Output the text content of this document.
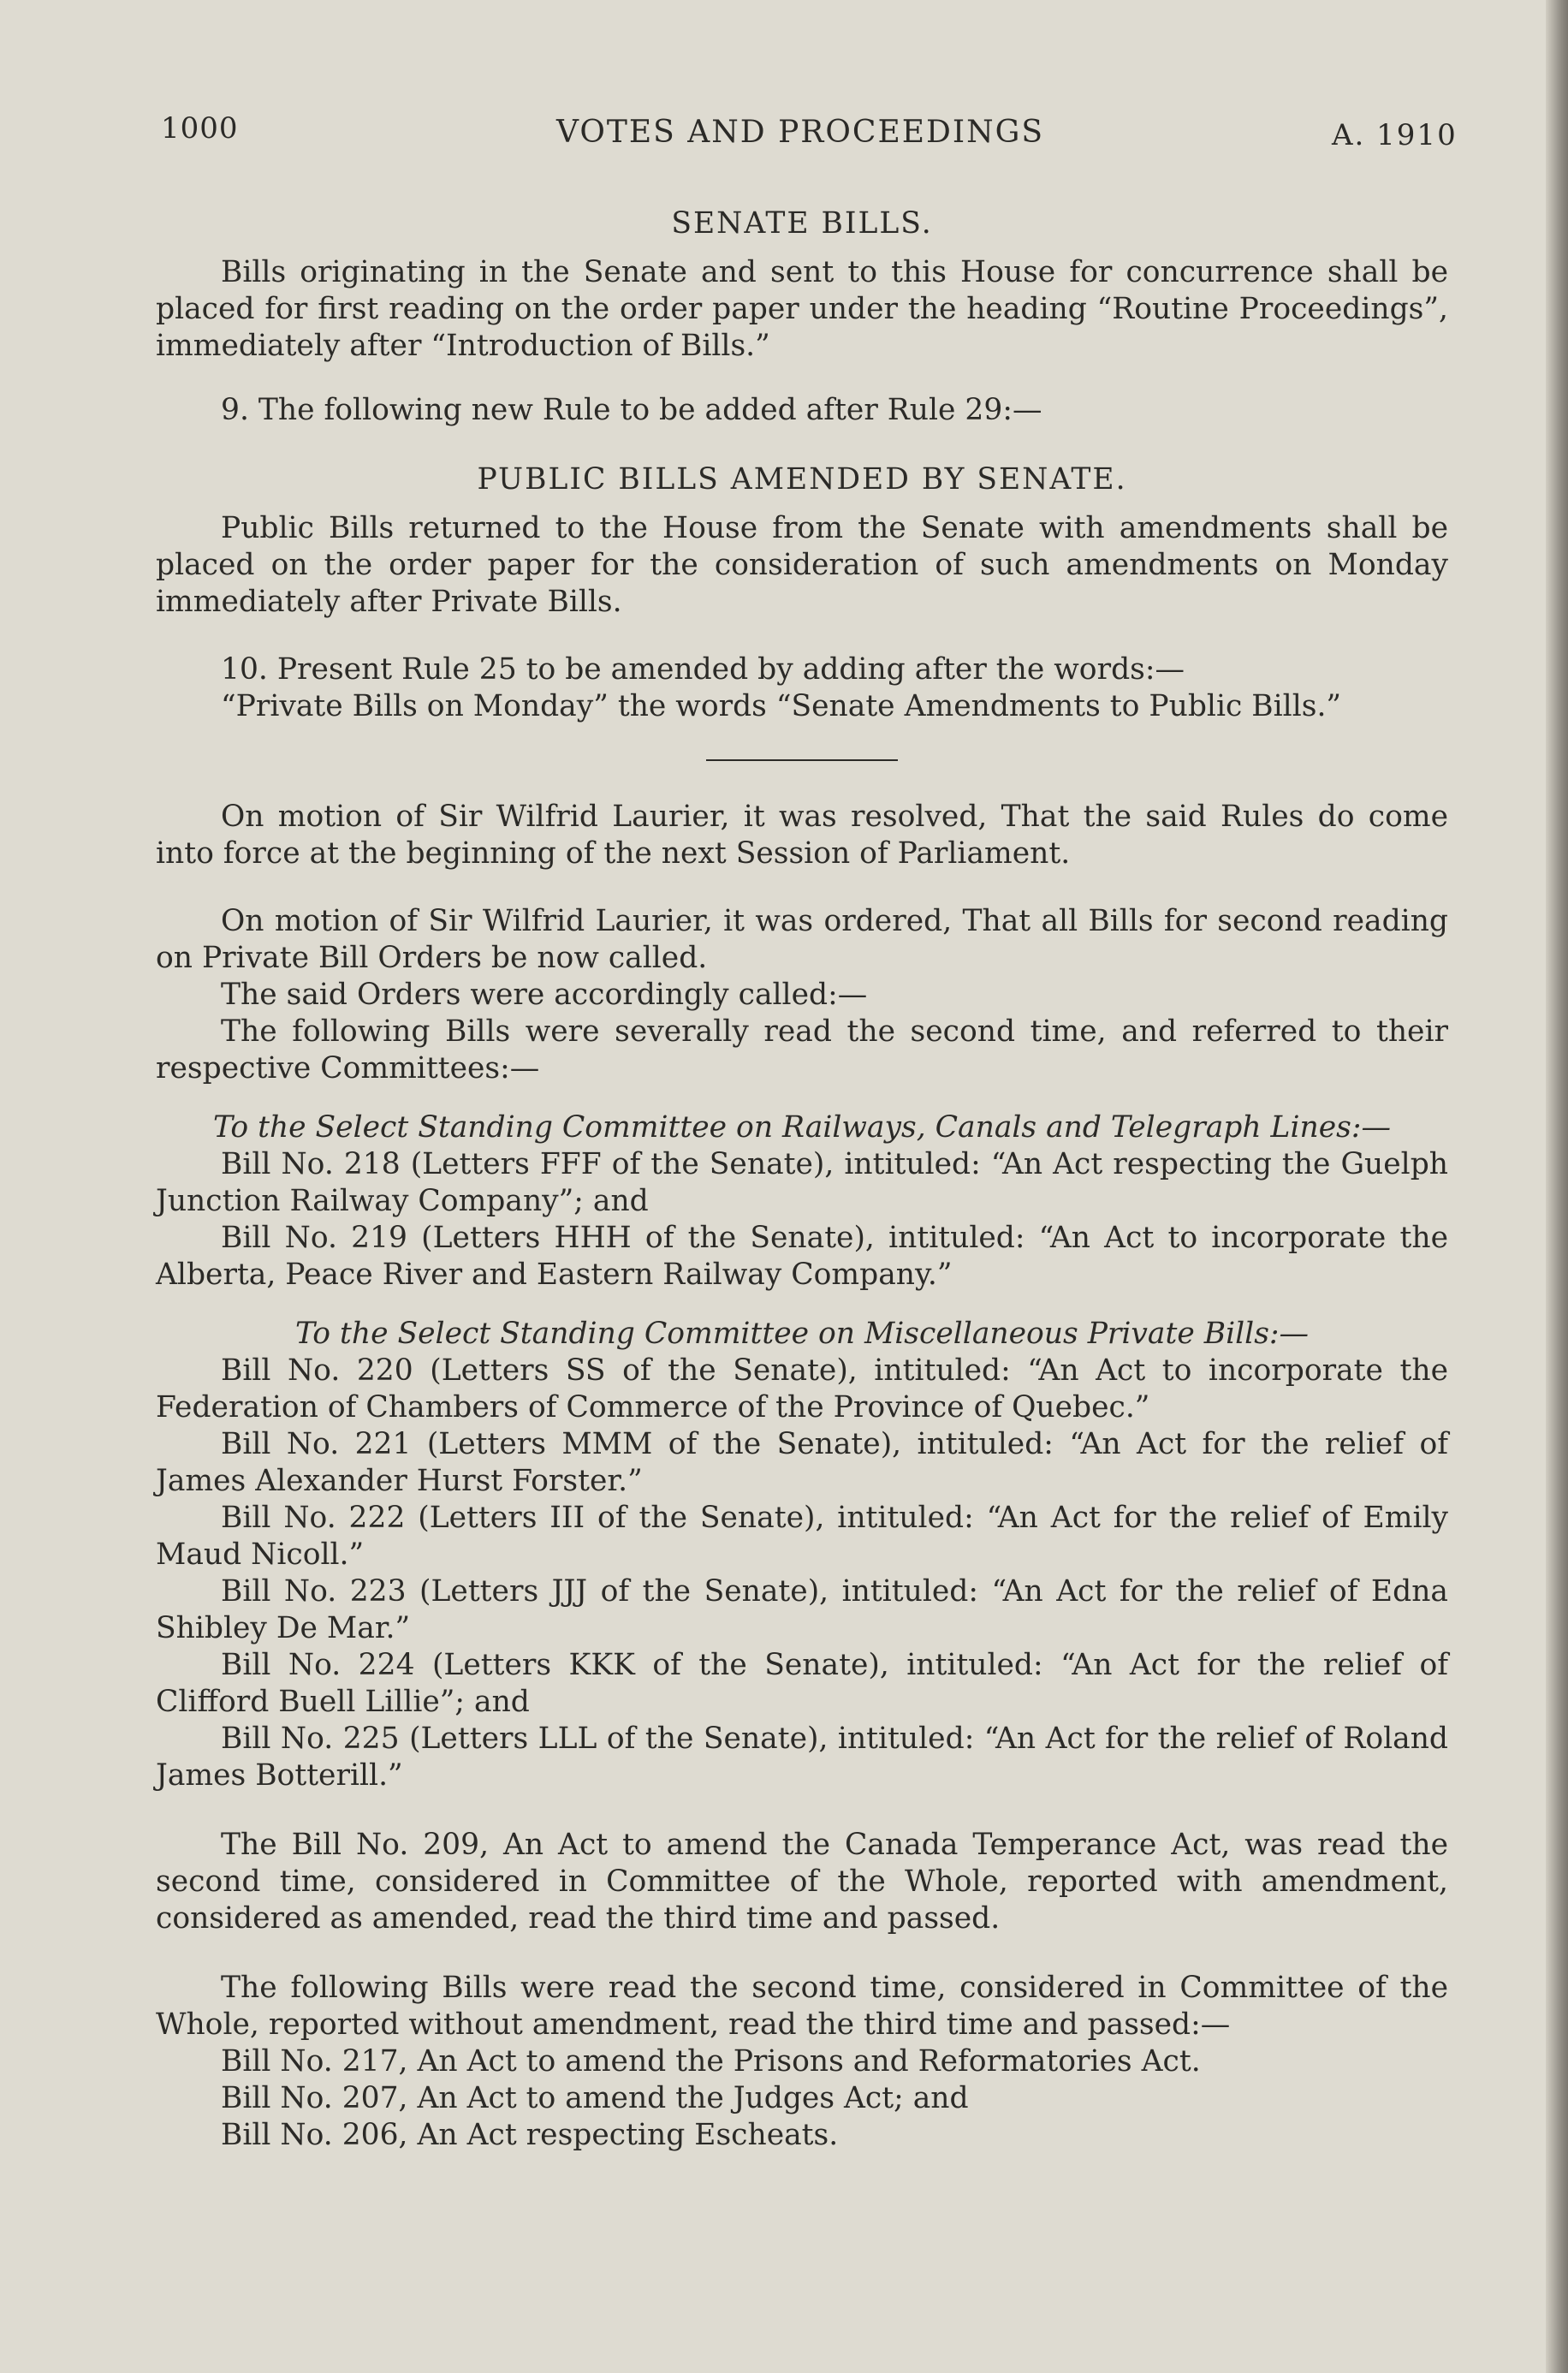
1000	VOTES AND PROCEEDINGS	A. 1910
SENATE BILLS.

Bills originating in the Senate and sent to this House for concurrence shall be placed for first reading on the order paper under the heading “Routine Proceedings”, immediately after “Introduction of Bills.”

9. The following new Rule to be added after Rule 29:—

PUBLIC BILLS AMENDED BY SENATE.

Public Bills returned to the House from the Senate with amendments shall be placed on the order paper for the consideration of such amendments on Monday immediately after Private Bills.

10. Present Rule 25 to be amended by adding after the words:—

“Private Bills on Monday” the words “Senate Amendments to Public Bills.”

On motion of Sir Wilfrid Laurier, it was resolved, That the said Rules do come into force at the beginning of the next Session of Parliament.

On motion of Sir Wilfrid Laurier, it was ordered, That all Bills for second reading on Private Bill Orders be now called.

The said Orders were accordingly called:—

The following Bills were severally read the second time, and referred to their respective Committees:—

To the Select Standing Committee on Railways, Canals and Telegraph Lines:—

Bill No. 218 (Letters FFF of the Senate), intituled: “An Act respecting the Guelph Junction Railway Company”; and

Bill No. 219 (Letters HHH of the Senate), intituled: “An Act to incorporate the Alberta, Peace River and Eastern Railway Company.”

To the Select Standing Committee on Miscellaneous Private Bills:—

Bill No. 220 (Letters SS of the Senate), intituled: “An Act to incorporate the Federation of Chambers of Commerce of the Province of Quebec.”

Bill No. 221 (Letters MMM of the Senate), intituled: “An Act for the relief of James Alexander Hurst Forster.”

Bill No. 222 (Letters III of the Senate), intituled: “An Act for the relief of Emily Maud Nicoll.”

Bill No. 223 (Letters JJJ of the Senate), intituled: “An Act for the relief of Edna Shibley De Mar.”

Bill No. 224 (Letters KKK of the Senate), intituled: “An Act for the relief of Clifford Buell Lillie”; and

Bill No. 225 (Letters LLL of the Senate), intituled: “An Act for the relief of Roland James Botterill.”

The Bill No. 209, An Act to amend the Canada Temperance Act, was read the second time, considered in Committee of the Whole, reported with amendment, considered as amended, read the third time and passed.

The following Bills were read the second time, considered in Committee of the Whole, reported without amendment, read the third time and passed:—

Bill No. 217, An Act to amend the Prisons and Reformatories Act.

Bill No. 207, An Act to amend the Judges Act; and

Bill No. 206, An Act respecting Escheats.
